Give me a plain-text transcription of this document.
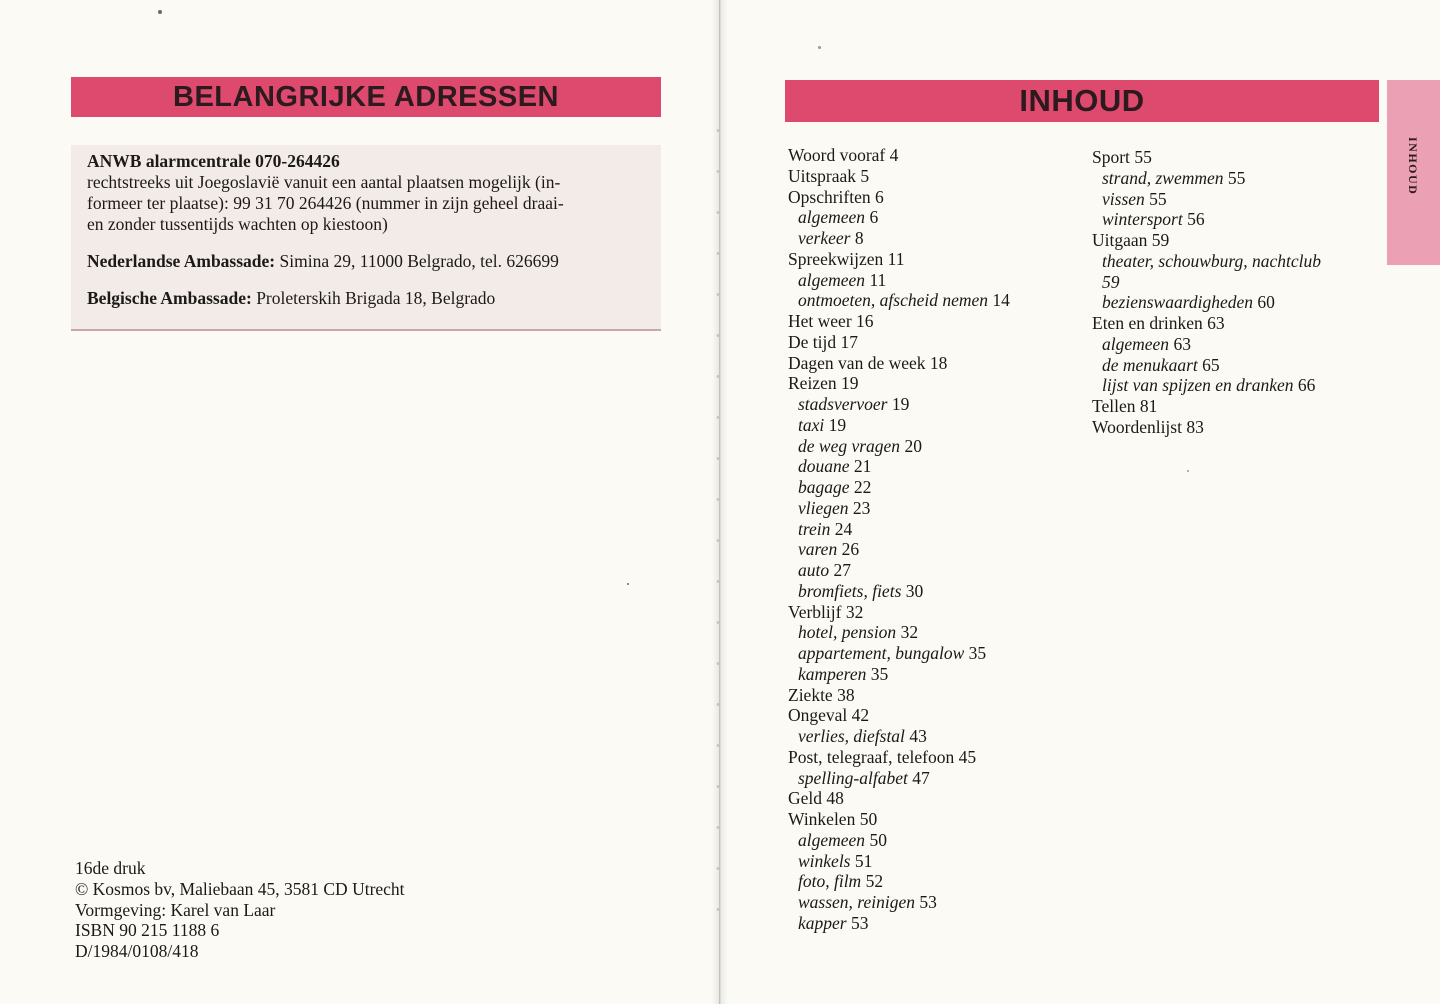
BELANGRIJKE ADRESSEN

ANWB alarmcentrale 070-264426

rechtstreeks uit Joegoslavië vanuit een aantal plaatsen mogelijk (in-

formeer ter plaatse): 99 31 70 264426 (nummer in zijn geheel draai-

en zonder tussentijds wachten op kiestoon)

Nederlandse Ambassade: Simina 29, 11000 Belgrado, tel. 626699

Belgische Ambassade: Proleterskih Brigada 18, Belgrado

16de druk
© Kosmos bv, Maliebaan 45, 3581 CD Utrecht
Vormgeving: Karel van Laar
ISBN 90 215 1188 6
D/1984/0108/418
INHOUD
INHOUD
Woord vooraf 4
Uitspraak 5
Opschriften 6
algemeen 6
verkeer 8
Spreekwijzen 11
algemeen 11
ontmoeten, afscheid nemen 14
Het weer 16
De tijd 17
Dagen van de week 18
Reizen 19
stadsvervoer 19
taxi 19
de weg vragen 20
douane 21
bagage 22
vliegen 23
trein 24
varen 26
auto 27
bromfiets, fiets 30
Verblijf 32
hotel, pension 32
appartement, bungalow 35
kamperen 35
Ziekte 38
Ongeval 42
verlies, diefstal 43
Post, telegraaf, telefoon 45
spelling-alfabet 47
Geld 48
Winkelen 50
algemeen 50
winkels 51
foto, film 52
wassen, reinigen 53
kapper 53
Sport 55
strand, zwemmen 55
vissen 55
wintersport 56
Uitgaan 59
theater, schouwburg, nachtclub
59
bezienswaardigheden 60
Eten en drinken 63
algemeen 63
de menukaart 65
lijst van spijzen en dranken 66
Tellen 81
Woordenlijst 83
